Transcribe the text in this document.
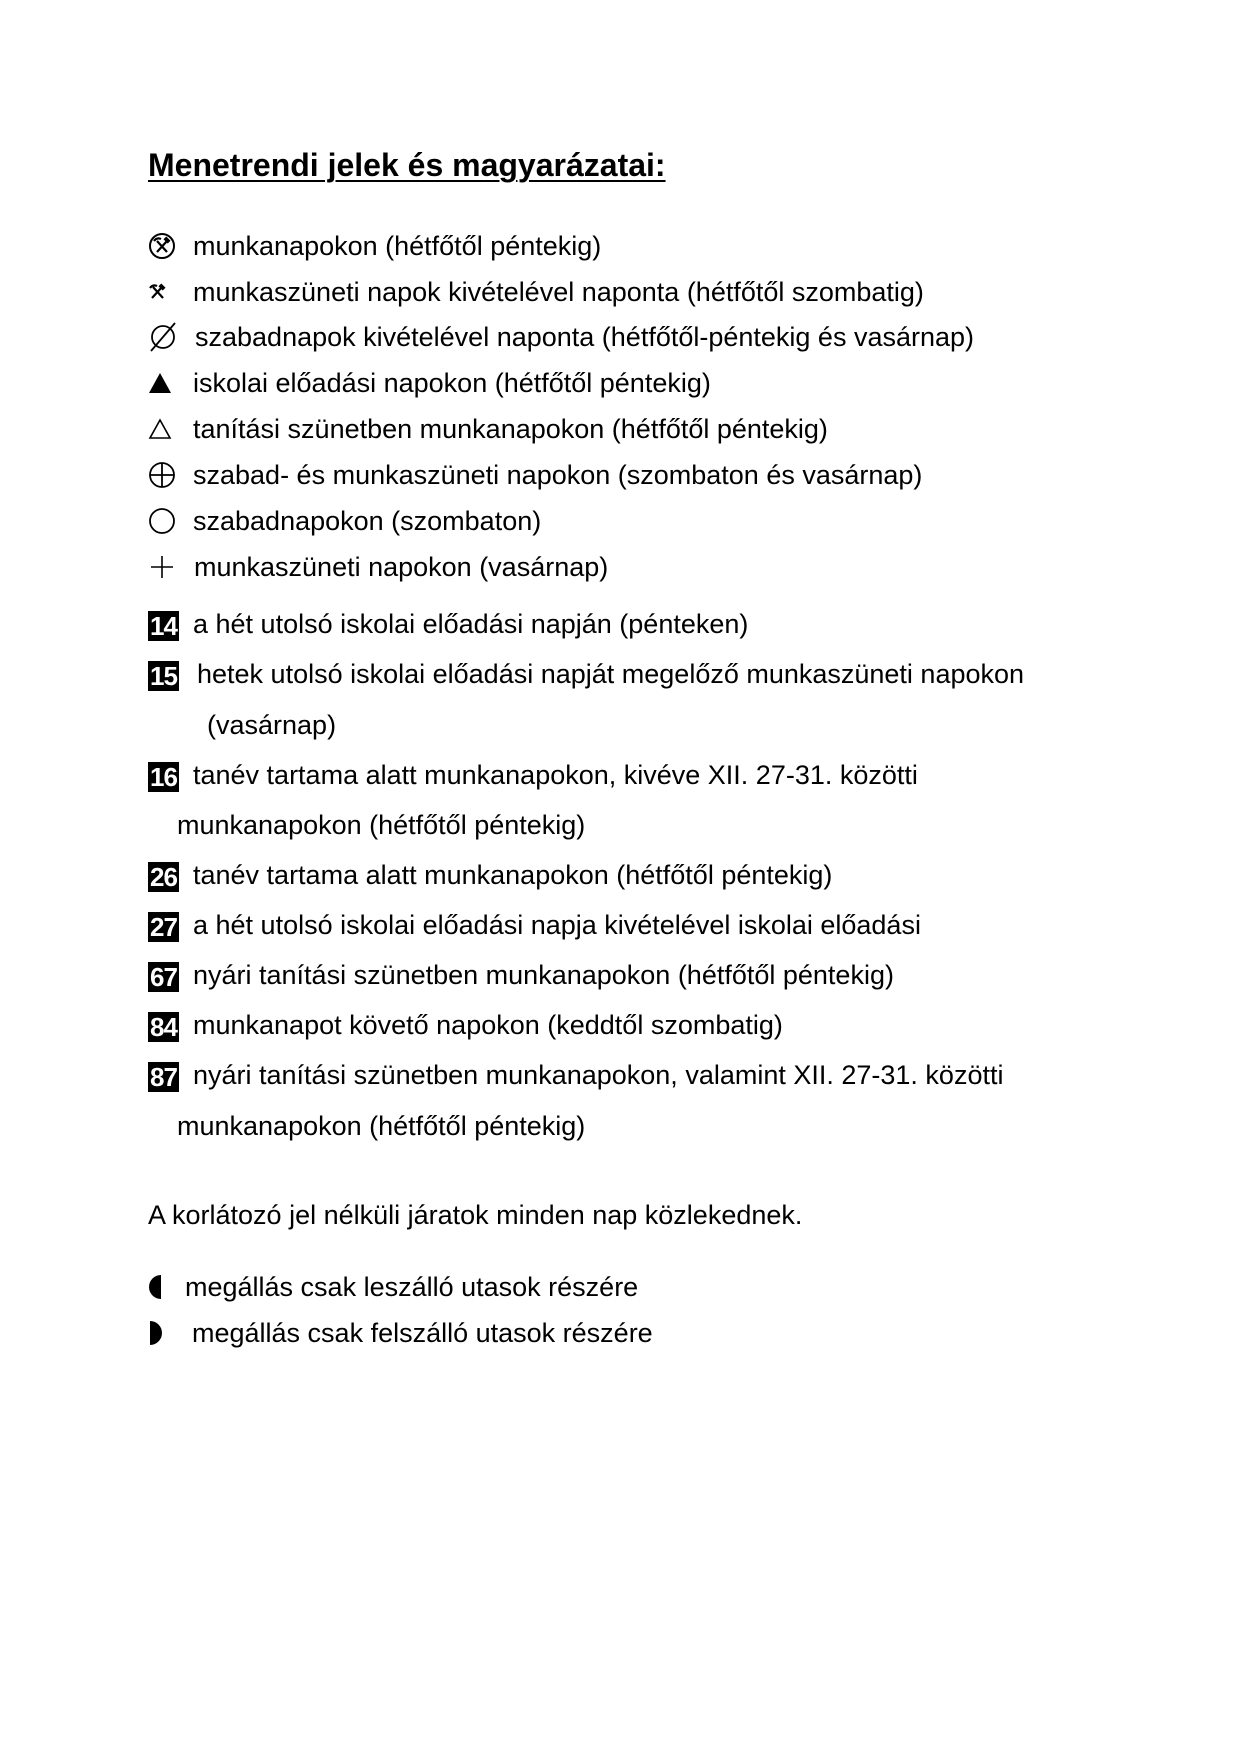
Menetrendi jelek és magyarázatai:
munkanapokon (hétfőtől péntekig)
munkaszüneti napok kivételével naponta (hétfőtől szombatig)
szabadnapok kivételével naponta (hétfőtől-péntekig és vasárnap)
iskolai előadási napokon (hétfőtől péntekig)
tanítási szünetben munkanapokon (hétfőtől péntekig)
szabad- és munkaszüneti napokon (szombaton és vasárnap)
szabadnapokon (szombaton)
munkaszüneti napokon (vasárnap)
14 a hét utolsó iskolai előadási napján (pénteken)
15 hetek utolsó iskolai előadási napját megelőző munkaszüneti napokon
(vasárnap)
16 tanév tartama alatt munkanapokon, kivéve XII. 27-31. közötti
munkanapokon (hétfőtől péntekig)
26 tanév tartama alatt munkanapokon (hétfőtől péntekig)
27 a hét utolsó iskolai előadási napja kivételével iskolai előadási
67 nyári tanítási szünetben munkanapokon (hétfőtől péntekig)
84 munkanapot követő napokon (keddtől szombatig)
87 nyári tanítási szünetben munkanapokon, valamint XII. 27-31. közötti
munkanapokon (hétfőtől péntekig)
A korlátozó jel nélküli járatok minden nap közlekednek.
megállás csak leszálló utasok részére
megállás csak felszálló utasok részére
